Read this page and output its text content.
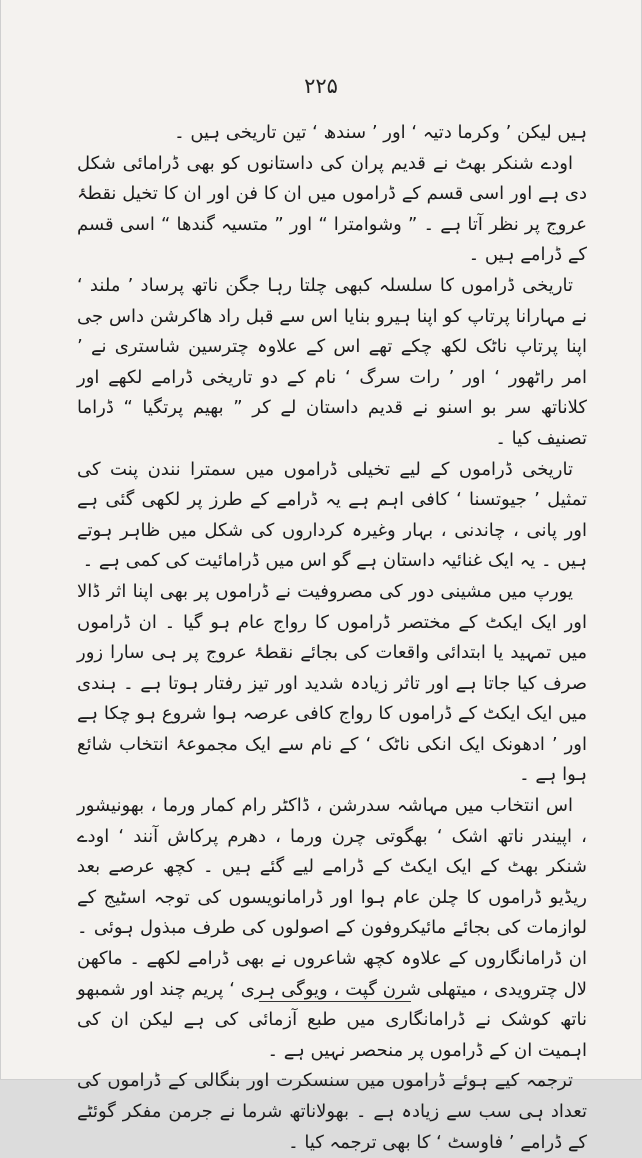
۲۲۵

ہیں لیکن ’ وکرما دتیہ ‘ اور ’ سندھ ‘ تین تاریخی ہیں ۔

اودے شنکر بھٹ نے قدیم پران کی داستانوں کو بھی ڈرامائی شکل دی ہے اور اسی قسم کے ڈراموں میں ان کا فن اور ان کا تخیل نقطۂ عروج پر نظر آتا ہے ۔ ” وشوامترا “ اور ” متسیہ گندھا “ اسی قسم کے ڈرامے ہیں ۔

تاریخی ڈراموں کا سلسلہ کبھی چلتا رہا جگن ناتھ پرساد ’ ملند ‘ نے مہارانا پرتاپ کو اپنا ہیرو بنایا اس سے قبل راد ھاکرشن داس جی اپنا پرتاپ ناٹک لکھ چکے تھے اس کے علاوہ چترسین شاستری نے ’ امر راٹھور ‘ اور ’ رات سرگ ‘ نام کے دو تاریخی ڈرامے لکھے اور کلاناتھ سر بو اسنو نے قدیم داستان لے کر ” بھیم پرتگیا “ ڈراما تصنیف کیا ۔

تاریخی ڈراموں کے لیے تخیلی ڈراموں میں سمترا نندن پنت کی تمثیل ’ جیوتسنا ‘ کافی اہم ہے یہ ڈرامے کے طرز پر لکھی گئی ہے اور پانی ، چاندنی ، بہار وغیرہ کرداروں کی شکل میں ظاہر ہوتے ہیں ۔ یہ ایک غنائیہ داستان ہے گو اس میں ڈرامائیت کی کمی ہے ۔

یورپ میں مشینی دور کی مصروفیت نے ڈراموں پر بھی اپنا اثر ڈالا اور ایک ایکٹ کے مختصر ڈراموں کا رواج عام ہو گیا ۔ ان ڈراموں میں تمہید یا ابتدائی واقعات کی بجائے نقطۂ عروج پر ہی سارا زور صرف کیا جاتا ہے اور تاثر زیادہ شدید اور تیز رفتار ہوتا ہے ۔ ہندی میں ایک ایکٹ کے ڈراموں کا رواج کافی عرصہ ہوا شروع ہو چکا ہے اور ’ ادھونک ایک انکی ناٹک ‘ کے نام سے ایک مجموعۂ انتخاب شائع ہوا ہے ۔

اس انتخاب میں مہاشہ سدرشن ، ڈاکٹر رام کمار ورما ، بھونیشور ، اپیندر ناتھ اشک ‘ بھگوتی چرن ورما ، دھرم پرکاش آنند ‘ اودے شنکر بھٹ کے ایک ایکٹ کے ڈرامے لیے گئے ہیں ۔ کچھ عرصے بعد ریڈیو ڈراموں کا چلن عام ہوا اور ڈرامانویسوں کی توجہ اسٹیج کے لوازمات کی بجائے مائیکروفون کے اصولوں کی طرف مبذول ہوئی ۔ ان ڈرامانگاروں کے علاوہ کچھ شاعروں نے بھی ڈرامے لکھے ۔ ماکھن لال چترویدی ، میتھلی شرن گپت ، ویوگی ہری ‘ پریم چند اور شمبھو ناتھ کوشک نے ڈرامانگاری میں طبع آزمائی کی ہے لیکن ان کی اہمیت ان کے ڈراموں پر منحصر نہیں ہے ۔

ترجمہ کیے ہوئے ڈراموں میں سنسکرت اور بنگالی کے ڈراموں کی تعداد ہی سب سے زیادہ ہے ۔ بھولاناتھ شرما نے جرمن مفکر گوئٹے کے ڈرامے ’ فاوسٹ ‘ کا بھی ترجمہ کیا ۔
